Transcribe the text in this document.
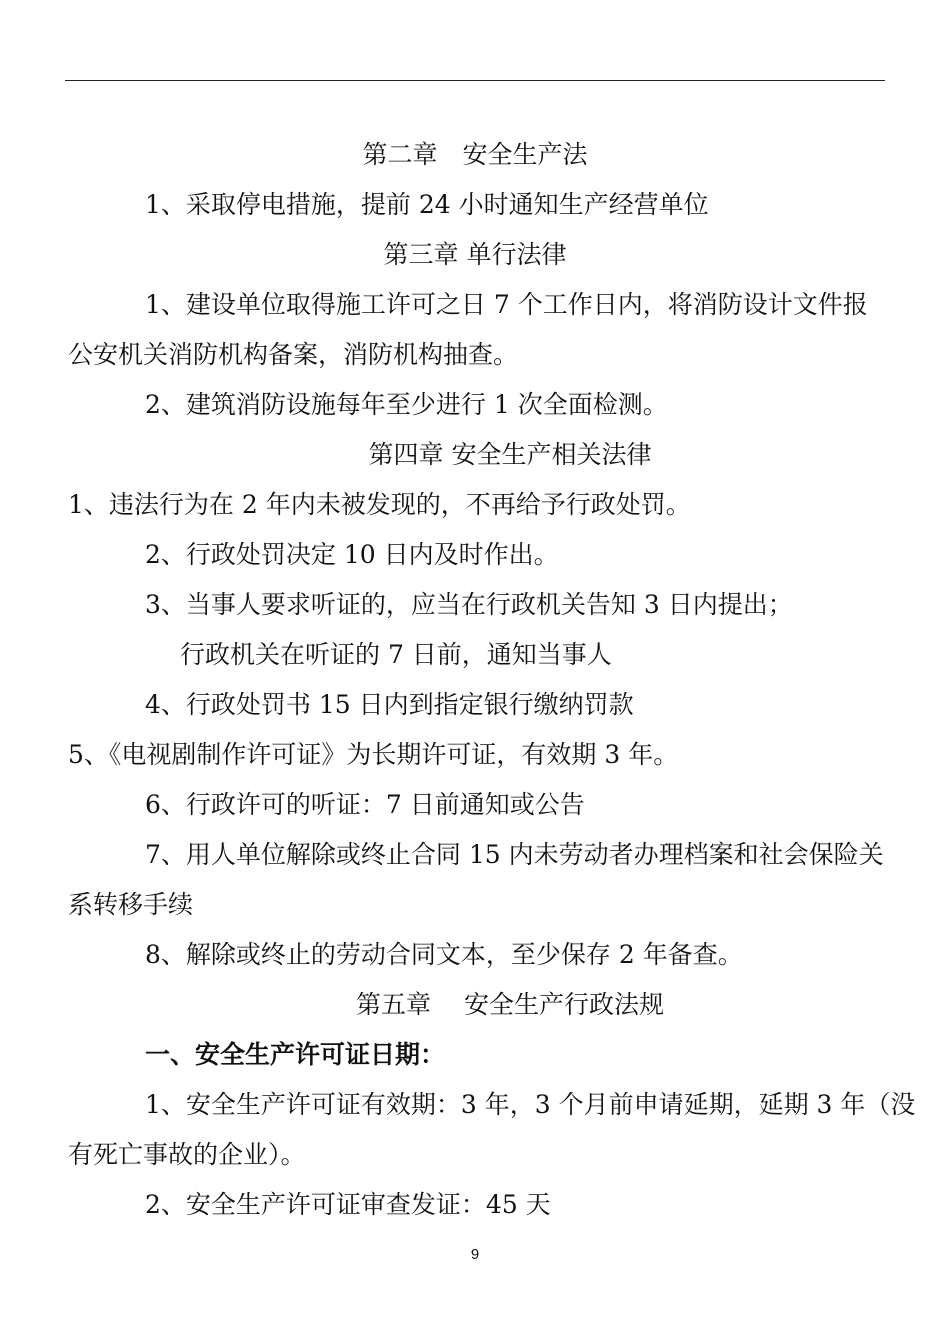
第二章　安全生产法
1、采取停电措施，提前 24 小时通知生产经营单位
第三章 单行法律
1、建设单位取得施工许可之日 7 个工作日内，将消防设计文件报
公安机关消防机构备案，消防机构抽查。
2、建筑消防设施每年至少进行 1 次全面检测。
第四章 安全生产相关法律
1、违法行为在 2 年内未被发现的，不再给予行政处罚。
2、行政处罚决定 10 日内及时作出。
3、当事人要求听证的，应当在行政机关告知 3 日内提出；
行政机关在听证的 7 日前，通知当事人
4、行政处罚书 15 日内到指定银行缴纳罚款
5、《电视剧制作许可证》为长期许可证，有效期 3 年。
6、行政许可的听证：7 日前通知或公告
7、用人单位解除或终止合同 15 内未劳动者办理档案和社会保险关
系转移手续
8、解除或终止的劳动合同文本，至少保存 2 年备查。
第五章　 安全生产行政法规
一、安全生产许可证日期：
1、安全生产许可证有效期：3 年，3 个月前申请延期，延期 3 年（没
有死亡事故的企业）。
2、安全生产许可证审查发证：45 天
9
